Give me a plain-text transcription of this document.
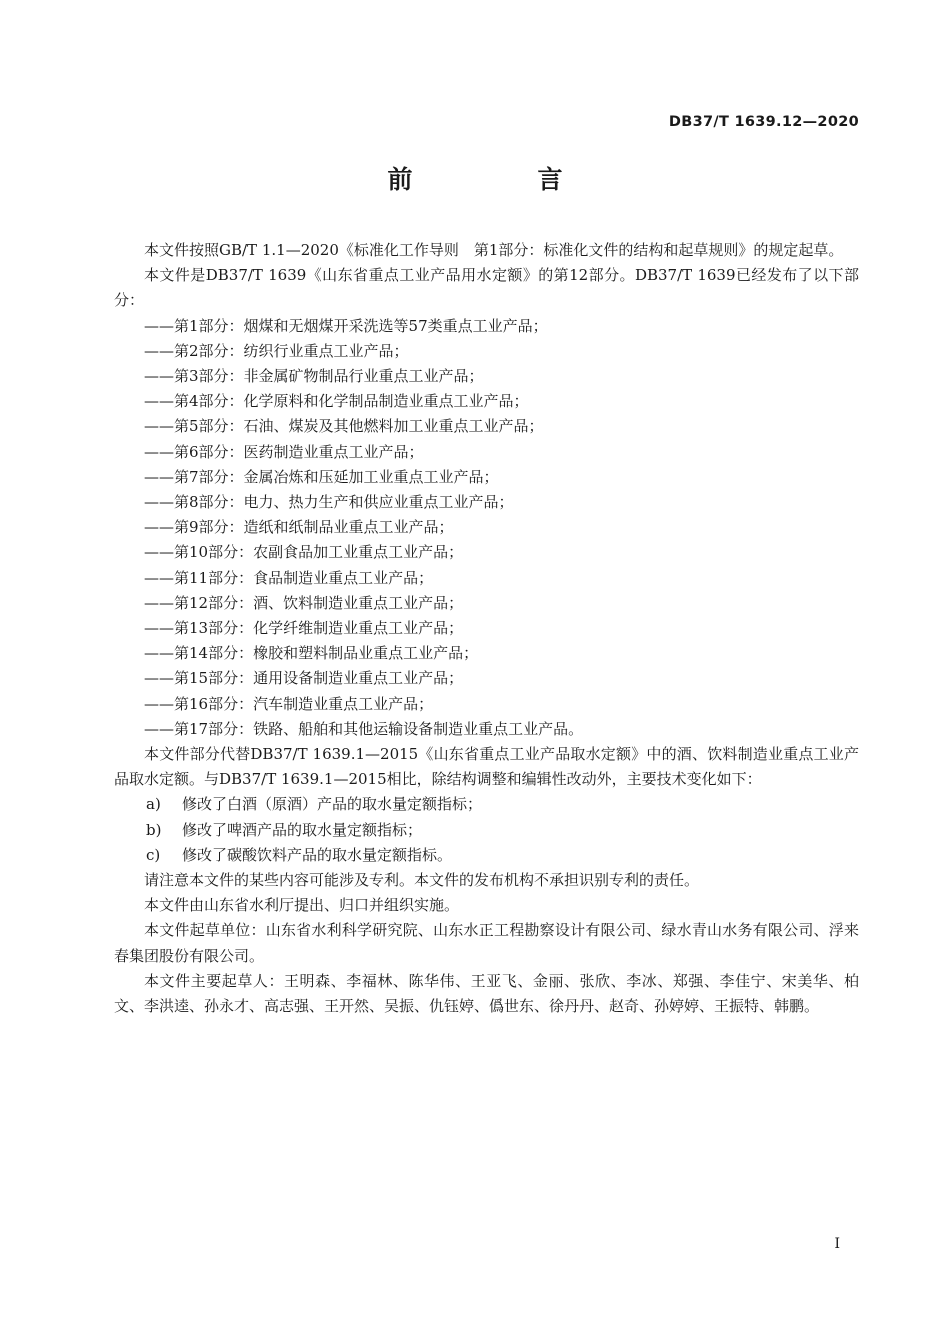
DB37/T 1639.12—2020
前　言

本文件按照GB/T 1.1—2020《标准化工作导则　第1部分：标准化文件的结构和起草规则》的规定起草。

本文件是DB37/T 1639《山东省重点工业产品用水定额》的第12部分。DB37/T 1639已经发布了以下部分：

——第1部分：烟煤和无烟煤开采洗选等57类重点工业产品；

——第2部分：纺织行业重点工业产品；

——第3部分：非金属矿物制品行业重点工业产品；

——第4部分：化学原料和化学制品制造业重点工业产品；

——第5部分：石油、煤炭及其他燃料加工业重点工业产品；

——第6部分：医药制造业重点工业产品；

——第7部分：金属冶炼和压延加工业重点工业产品；

——第8部分：电力、热力生产和供应业重点工业产品；

——第9部分：造纸和纸制品业重点工业产品；

——第10部分：农副食品加工业重点工业产品；

——第11部分：食品制造业重点工业产品；

——第12部分：酒、饮料制造业重点工业产品；

——第13部分：化学纤维制造业重点工业产品；

——第14部分：橡胶和塑料制品业重点工业产品；

——第15部分：通用设备制造业重点工业产品；

——第16部分：汽车制造业重点工业产品；

——第17部分：铁路、船舶和其他运输设备制造业重点工业产品。

本文件部分代替DB37/T 1639.1—2015《山东省重点工业产品取水定额》中的酒、饮料制造业重点工业产品取水定额。与DB37/T 1639.1—2015相比，除结构调整和编辑性改动外，主要技术变化如下：

a) 修改了白酒（原酒）产品的取水量定额指标；

b) 修改了啤酒产品的取水量定额指标；

c) 修改了碳酸饮料产品的取水量定额指标。

请注意本文件的某些内容可能涉及专利。本文件的发布机构不承担识别专利的责任。

本文件由山东省水利厅提出、归口并组织实施。

本文件起草单位：山东省水利科学研究院、山东水正工程勘察设计有限公司、绿水青山水务有限公司、浮来春集团股份有限公司。

本文件主要起草人：王明森、李福林、陈华伟、王亚飞、金丽、张欣、李冰、郑强、李佳宁、宋美华、柏文、李洪逵、孙永才、高志强、王开然、吴振、仇钰婷、僞世东、徐丹丹、赵奇、孙婷婷、王振特、韩鹏。

I
